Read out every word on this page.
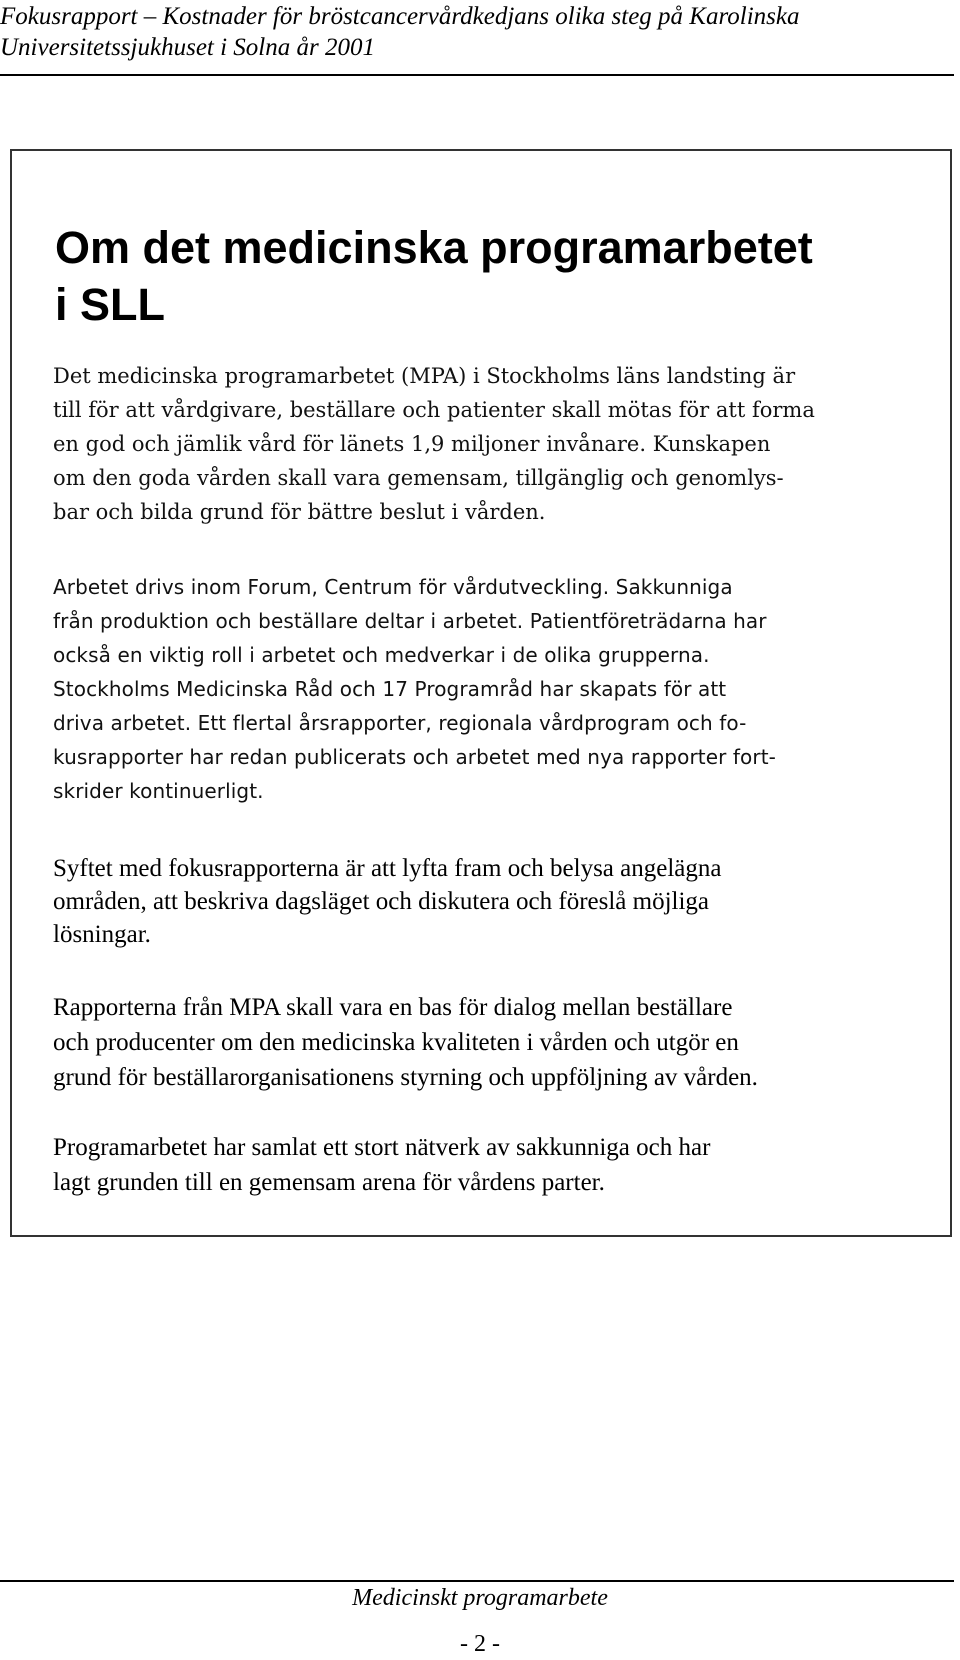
Fokusrapport – Kostnader för bröstcancervårdkedjans olika steg på Karolinska
Universitetssjukhuset i Solna år 2001
Om det medicinska programarbetet
i SLL
Det medicinska programarbetet (MPA) i Stockholms läns landsting är
till för att vårdgivare, beställare och patienter skall mötas för att forma
en god och jämlik vård för länets 1,9 miljoner invånare. Kunskapen
om den goda vården skall vara gemensam, tillgänglig och genomlys-
bar och bilda grund för bättre beslut i vården.
Arbetet drivs inom Forum, Centrum för vårdutveckling. Sakkunniga
från produktion och beställare deltar i arbetet. Patientföreträdarna har
också en viktig roll i arbetet och medverkar i de olika grupperna.
Stockholms Medicinska Råd och 17 Programråd har skapats för att
driva arbetet. Ett flertal årsrapporter, regionala vårdprogram och fo-
kusrapporter har redan publicerats och arbetet med nya rapporter fort-
skrider kontinuerligt.
Syftet med fokusrapporterna är att lyfta fram och belysa angelägna
områden, att beskriva dagsläget och diskutera och föreslå möjliga
lösningar.
Rapporterna från MPA skall vara en bas för dialog mellan beställare
och producenter om den medicinska kvaliteten i vården och utgör en
grund för beställarorganisationens styrning och uppföljning av vården.
Programarbetet har samlat ett stort nätverk av sakkunniga och har
lagt grunden till en gemensam arena för vårdens parter.
Medicinskt programarbete
- 2 -
